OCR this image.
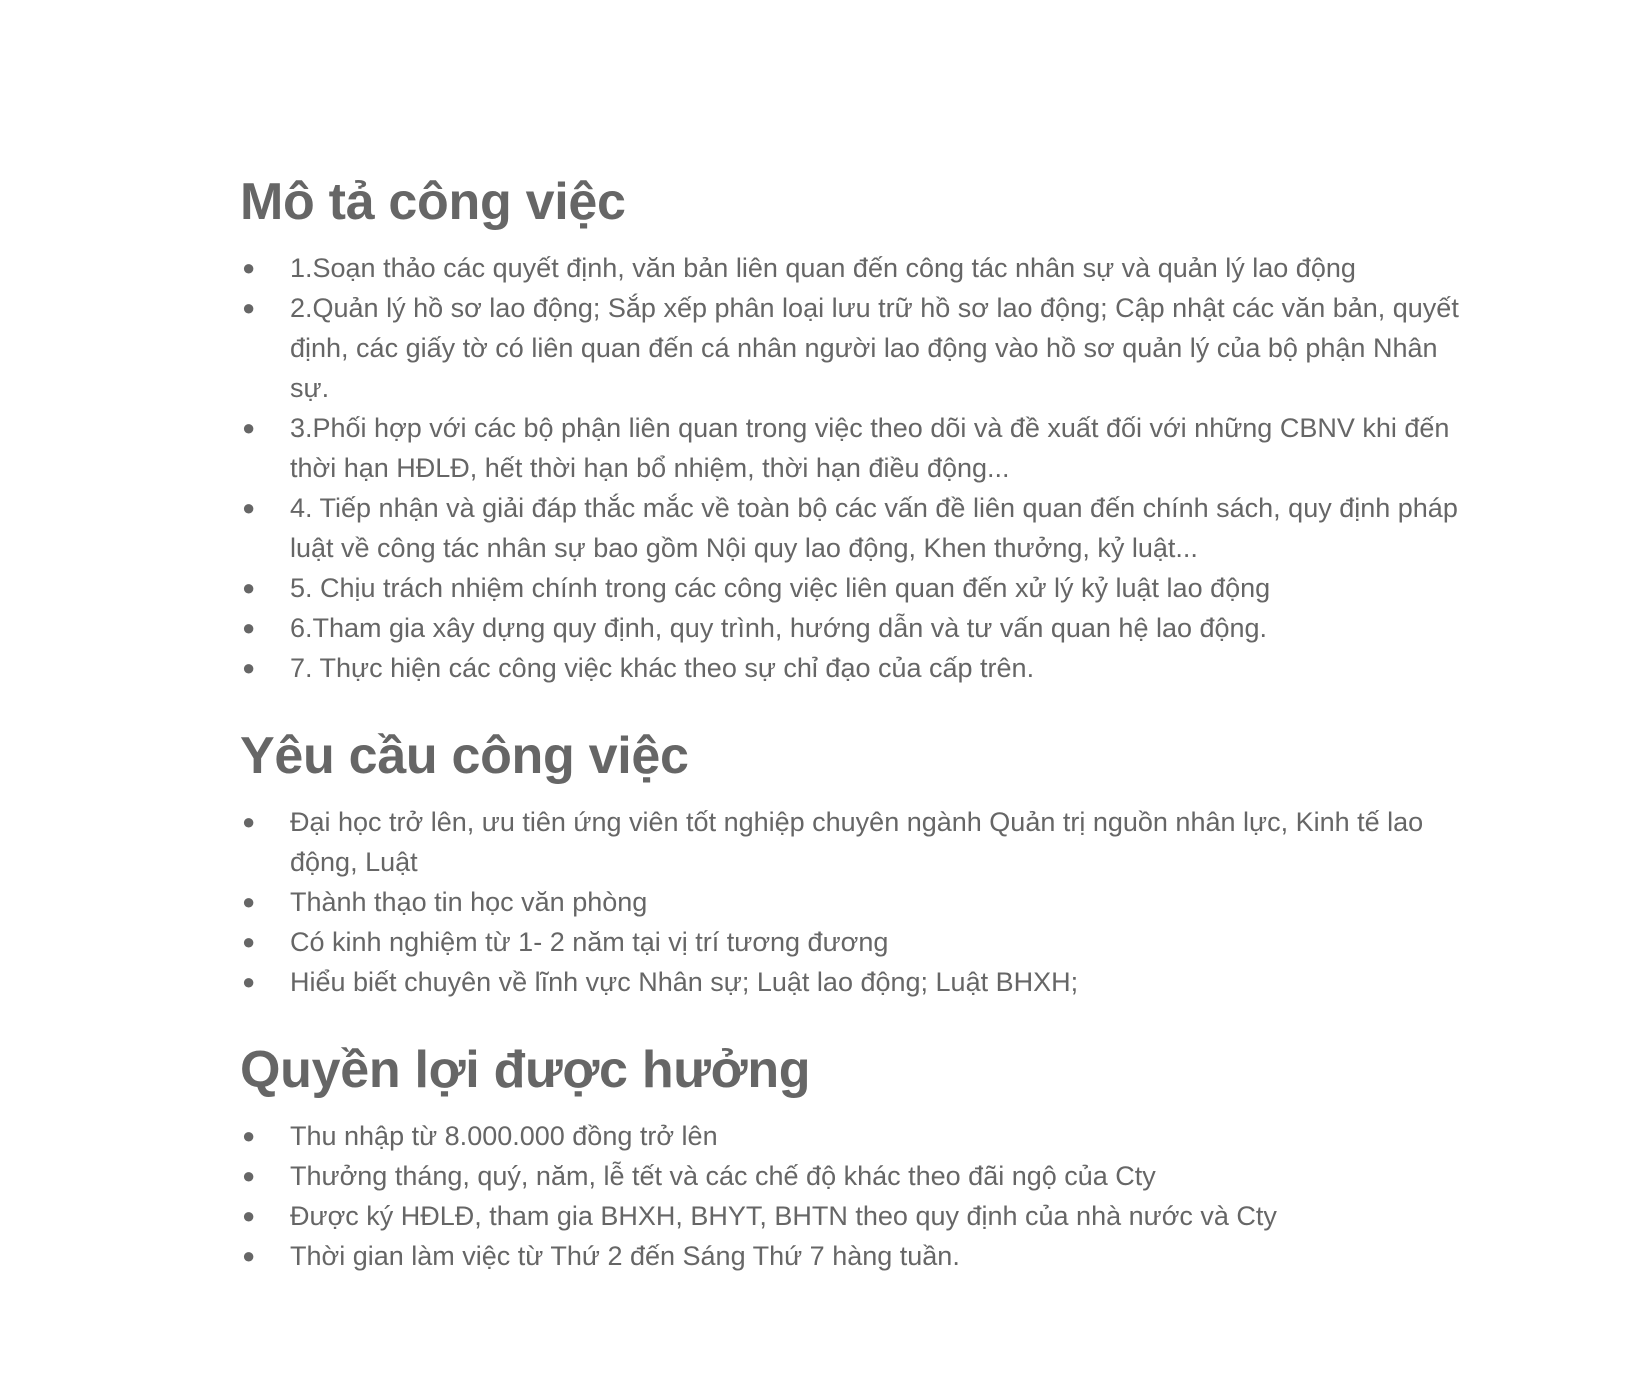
Mô tả công việc
● 1.Soạn thảo các quyết định, văn bản liên quan đến công tác nhân sự và quản lý lao động
● 2.Quản lý hồ sơ lao động; Sắp xếp phân loại lưu trữ hồ sơ lao động; Cập nhật các văn bản, quyết định, các giấy tờ có liên quan đến cá nhân người lao động vào hồ sơ quản lý của bộ phận Nhân sự.
● 3.Phối hợp với các bộ phận liên quan trong việc theo dõi và đề xuất đối với những CBNV khi đến thời hạn HĐLĐ, hết thời hạn bổ nhiệm, thời hạn điều động...
● 4. Tiếp nhận và giải đáp thắc mắc về toàn bộ các vấn đề liên quan đến chính sách, quy định pháp luật về công tác nhân sự bao gồm Nội quy lao động, Khen thưởng, kỷ luật...
● 5. Chịu trách nhiệm chính trong các công việc liên quan đến xử lý kỷ luật lao động
● 6.Tham gia xây dựng quy định, quy trình, hướng dẫn và tư vấn quan hệ lao động.
● 7. Thực hiện các công việc khác theo sự chỉ đạo của cấp trên.
Yêu cầu công việc
● Đại học trở lên, ưu tiên ứng viên tốt nghiệp chuyên ngành Quản trị nguồn nhân lực, Kinh tế lao động, Luật
● Thành thạo tin học văn phòng
● Có kinh nghiệm từ 1- 2 năm tại vị trí tương đương
● Hiểu biết chuyên về lĩnh vực Nhân sự; Luật lao động; Luật BHXH;
Quyền lợi được hưởng
● Thu nhập từ 8.000.000 đồng trở lên
● Thưởng tháng, quý, năm, lễ tết và các chế độ khác theo đãi ngộ của Cty
● Được ký HĐLĐ, tham gia BHXH, BHYT, BHTN theo quy định của nhà nước và Cty
● Thời gian làm việc từ Thứ 2 đến Sáng Thứ 7 hàng tuần.
